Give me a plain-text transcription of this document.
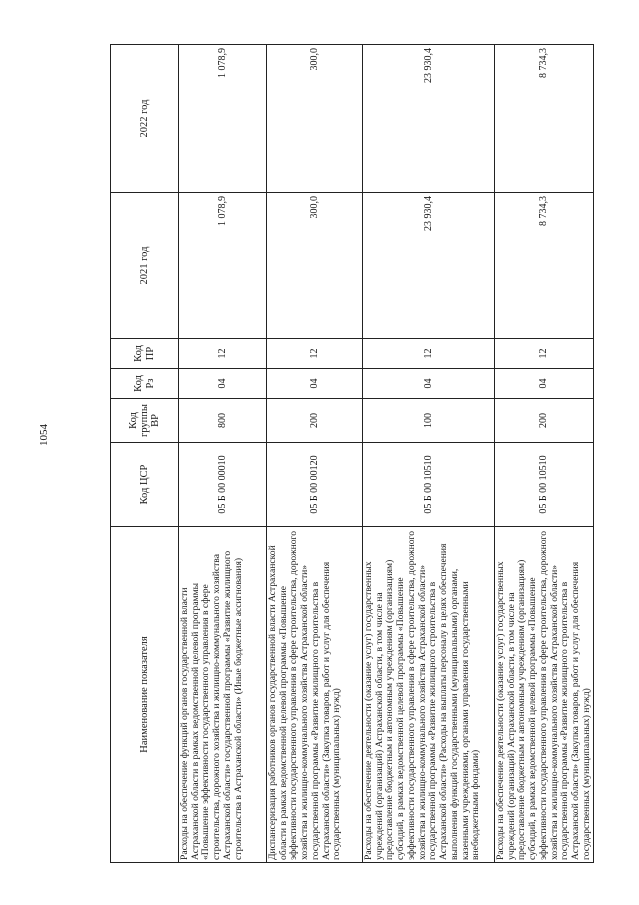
1054
Наименование показателя	Код ЦСР	Код группы ВР	Код Рз	Код ПР	2021 год	2022 год
Расходы на обеспечение функций органов государственной власти Астраханской области в рамках ведомственной целевой программы «Повышение эффективности государственного управления в сфере строительства, дорожного хозяйства и жилищно-коммунального хозяйства Астраханской области» государственной программы «Развитие жилищного строительства в Астраханской области» (Иные бюджетные ассигнования)	05 Б 00 00010	800	04	12	1 078,9	1 078,9
Диспансеризация работников органов государственной власти Астраханской области в рамках ведомственной целевой программы «Повышение эффективности государственного управления в сфере строительства, дорожного хозяйства и жилищно-коммунального хозяйства Астраханской области» государственной программы «Развитие жилищного строительства в Астраханской области» (Закупка товаров, работ и услуг для обеспечения государственных (муниципальных) нужд)	05 Б 00 00120	200	04	12	300,0	300,0
Расходы на обеспечение деятельности (оказание услуг) государственных учреждений (организаций) Астраханской области, в том числе на предоставление бюджетным и автономным учреждениям (организациям) субсидий, в рамках ведомственной целевой программы «Повышение эффективности государственного управления в сфере строительства, дорожного хозяйства и жилищно-коммунального хозяйства Астраханской области» государственной программы «Развитие жилищного строительства в Астраханской области» (Расходы на выплаты персоналу в целях обеспечения выполнения функций государственными (муниципальными) органами, казенными учреждениями, органами управления государственными внебюджетными фондами)	05 Б 00 10510	100	04	12	23 930,4	23 930,4
Расходы на обеспечение деятельности (оказание услуг) государственных учреждений (организаций) Астраханской области, в том числе на предоставление бюджетным и автономным учреждениям (организациям) субсидий, в рамках ведомственной целевой программы «Повышение эффективности государственного управления в сфере строительства, дорожного хозяйства и жилищно-коммунального хозяйства Астраханской области» государственной программы «Развитие жилищного строительства в Астраханской области» (Закупка товаров, работ и услуг для обеспечения государственных (муниципальных) нужд)	05 Б 00 10510	200	04	12	8 734,3	8 734,3
